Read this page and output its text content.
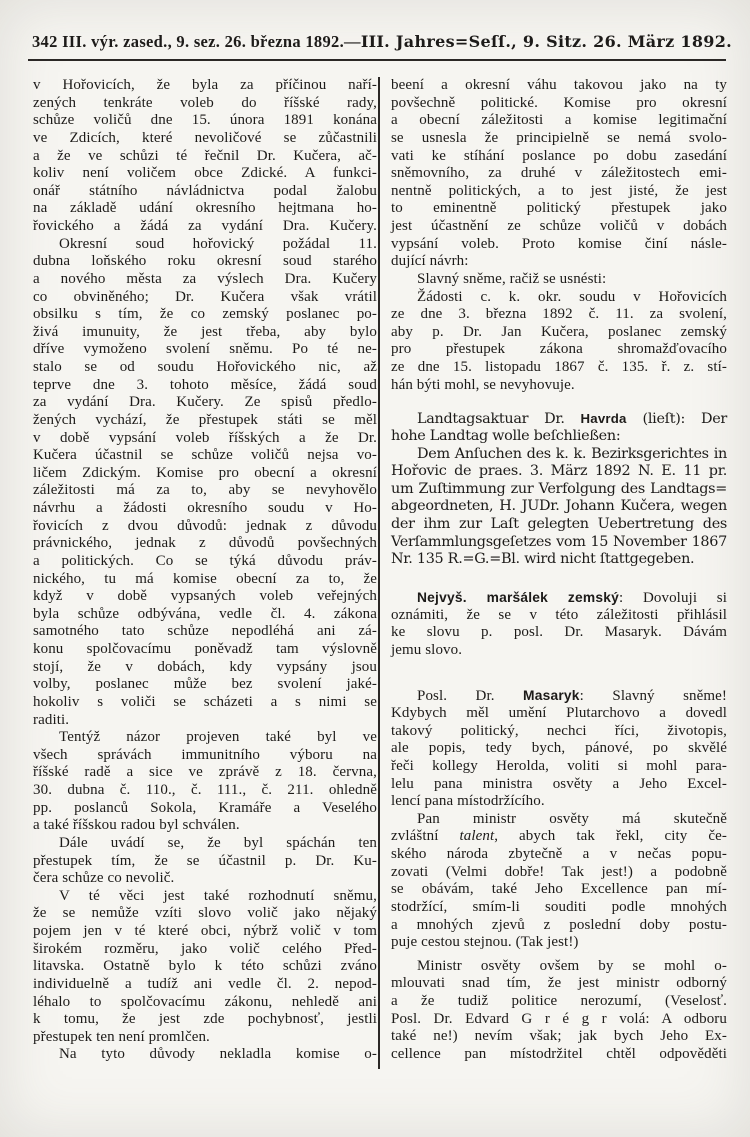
342 III. výr. zased., 9. sez. 26. března 1892. — III. Jahres=Seſſ., 9. Sitz. 26. März 1892.
v Hořovicích, že byla za příčinou naří-
zených tenkráte voleb do říšské rady,
schůze voličů dne 15. února 1891 konána
ve Zdicích, které nevoličové se zůčastnili
a že ve schůzi té řečnil Dr. Kučera, ač-
koliv není voličem obce Zdické. A funkci-
onář státního návládnictva podal žalobu
na základě udání okresního hejtmana ho-
řovického a žádá za vydání Dra. Kučery.
Okresní soud hořovický požádal 11.
dubna loňského roku okresní soud starého
a nového města za výslech Dra. Kučery
co obviněného; Dr. Kučera však vrátil
obsilku s tím, že co zemský poslanec po-
živá imunuity, že jest třeba, aby bylo
dříve vymoženo svolení sněmu. Po té ne-
stalo se od soudu Hořovického nic, až
teprve dne 3. tohoto měsíce, žádá soud
za vydání Dra. Kučery. Ze spisů předlo-
žených vychází, že přestupek státi se měl
v době vypsání voleb říšských a že Dr.
Kučera účastnil se schůze voličů nejsa vo-
ličem Zdickým. Komise pro obecní a okresní
záležitosti má za to, aby se nevyhovělo
návrhu a žádosti okresního soudu v Ho-
řovicích z dvou důvodů: jednak z důvodu
právnického, jednak z důvodů povšechných
a politických. Co se týká důvodu práv-
nického, tu má komise obecní za to, že
když v době vypsaných voleb veřejných
byla schůze odbývána, vedle čl. 4. zákona
samotného tato schůze nepodléhá ani zá-
konu spolčovacímu poněvadž tam výslovně
stojí, že v dobách, kdy vypsány jsou
volby, poslanec může bez svolení jaké-
hokoliv s voliči se scházeti a s nimi se
raditi.
Tentýž názor projeven také byl ve
všech správách immunitního výboru na
říšské radě a sice ve zprávě z 18. června,
30. dubna č. 110., č. 111., č. 211. ohledně
pp. poslanců Sokola, Kramáře a Veselého
a také říšskou radou byl schválen.
Dále uvádí se, že byl spáchán ten
přestupek tím, že se účastnil p. Dr. Ku-
čera schůze co nevolič.
V té věci jest také rozhodnutí sněmu,
že se nemůže vzíti slovo volič jako nějaký
pojem jen v té které obci, nýbrž volič v tom
širokém rozměru, jako volič celého Před-
litavska. Ostatně bylo k této schůzi zváno
individuelně a tudíž ani vedle čl. 2. nepod-
léhalo to spolčovacímu zákonu, nehledě ani
k tomu, že jest zde pochybnosť, jestli
přestupek ten není promlčen.
Na tyto důvody nekladla komise o-
beení a okresní váhu takovou jako na ty
povšechně politické. Komise pro okresní
a obecní záležitosti a komise legitimační
se usnesla že principielně se nemá svolo-
vati ke stíhání poslance po dobu zasedání
sněmovního, za druhé v záležitostech emi-
nentně politických, a to jest jisté, že jest
to eminentně politický přestupek jako
jest účastnění ze schůze voličů v dobách
vypsání voleb. Proto komise činí násle-
dující návrh:
Slavný sněme, račiž se usnésti:
Žádosti c. k. okr. soudu v Hořovicích
ze dne 3. března 1892 č. 11. za svolení,
aby p. Dr. Jan Kučera, poslanec zemský
pro přestupek zákona shromažďovacího
ze dne 15. listopadu 1867 č. 135. ř. z. stí-
hán býti mohl, se nevyhovuje.
Landtagsaktuar Dr. Havrda (lieſt): Der
hohe Landtag wolle beſchließen:
Dem Anſuchen des k. k. Bezirksgerichtes in
Hořovic de praes. 3. März 1892 N. E. 11 pr.
um Zuſtimmung zur Verfolgung des Landtags=
abgeordneten, H. JUDr. Johann Kučera, wegen
der ihm zur Laſt gelegten Uebertretung des
Verſammlungsgeſetzes vom 15 November 1867
Nr. 135 R.=G.=Bl. wird nicht ſtattgegeben.
Nejvyš. maršálek zemský: Dovoluji si
oznámiti, že se v této záležitosti přihlásil
ke slovu p. posl. Dr. Masaryk. Dávám
jemu slovo.
Posl. Dr. Masaryk: Slavný sněme!
Kdybych měl umění Plutarchovo a dovedl
takový politický, nechci říci, životopis,
ale popis, tedy bych, pánové, po skvělé
řeči kollegy Herolda, voliti si mohl para-
lelu pana ministra osvěty a Jeho Excel-
lencí pana místodržícího.
Pan ministr osvěty má skutečně
zvláštní talent, abych tak řekl, city če-
ského národa zbytečně a v nečas popu-
zovati (Velmi dobře! Tak jest!) a podobně
se obávám, také Jeho Excellence pan mí-
stodržící, smím-li souditi podle mnohých
a mnohých zjevů z poslední doby postu-
puje cestou stejnou. (Tak jest!)
Ministr osvěty ovšem by se mohl o-
mlouvati snad tím, že jest ministr odborný
a že tudiž politice nerozumí, (Veselosť.
Posl. Dr. Edvard G r é g r volá: A odboru
také ne!) nevím však; jak bych Jeho Ex-
cellence pan místodržitel chtěl odpověděti
